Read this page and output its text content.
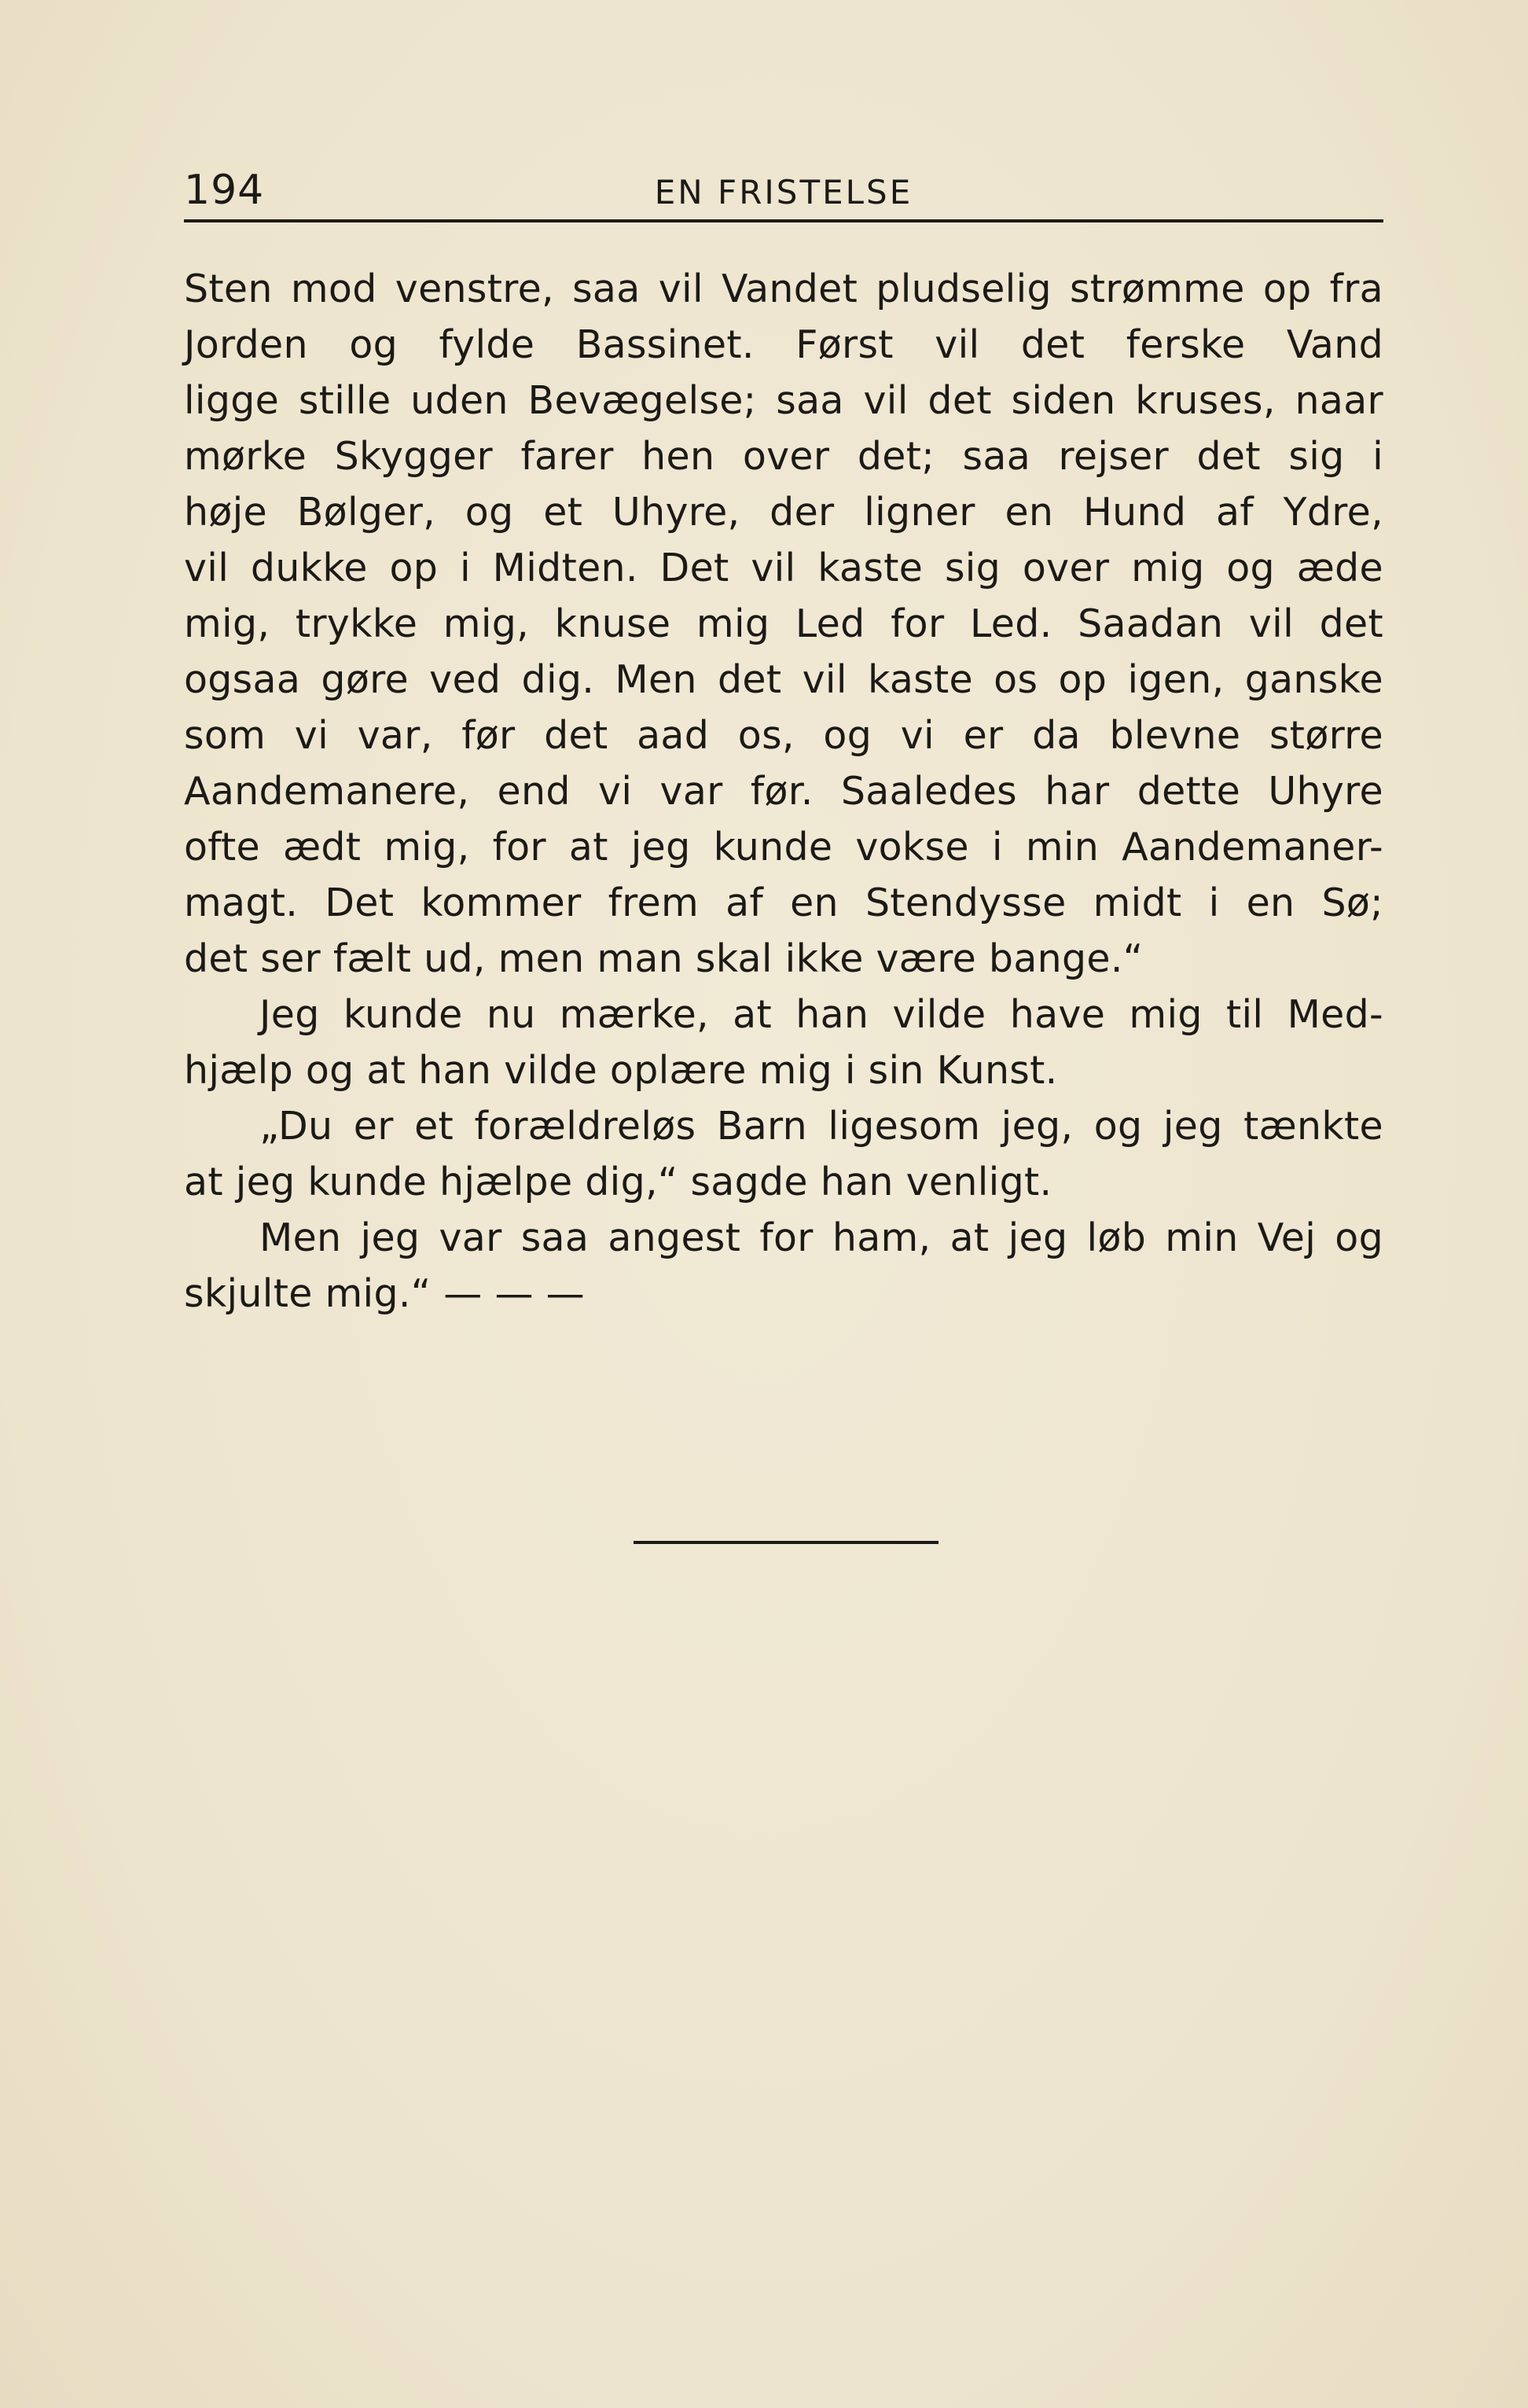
194	EN FRISTELSE
Sten mod venstre, saa vil Vandet pludselig strømme op fra
Jorden og fylde Bassinet. Først vil det ferske Vand
ligge stille uden Bevægelse; saa vil det siden kruses, naar
mørke Skygger farer hen over det; saa rejser det sig i
høje Bølger, og et Uhyre, der ligner en Hund af Ydre,
vil dukke op i Midten. Det vil kaste sig over mig og æde
mig, trykke mig, knuse mig Led for Led. Saadan vil det
ogsaa gøre ved dig. Men det vil kaste os op igen, ganske
som vi var, før det aad os, og vi er da blevne større
Aandemanere, end vi var før. Saaledes har dette Uhyre
ofte ædt mig, for at jeg kunde vokse i min Aandemaner-
magt. Det kommer frem af en Stendysse midt i en Sø;
det ser fælt ud, men man skal ikke være bange.“
Jeg kunde nu mærke, at han vilde have mig til Med-
hjælp og at han vilde oplære mig i sin Kunst.
„Du er et forældreløs Barn ligesom jeg, og jeg tænkte
at jeg kunde hjælpe dig,“ sagde han venligt.
Men jeg var saa angest for ham, at jeg løb min Vej og
skjulte mig.“ — — —
